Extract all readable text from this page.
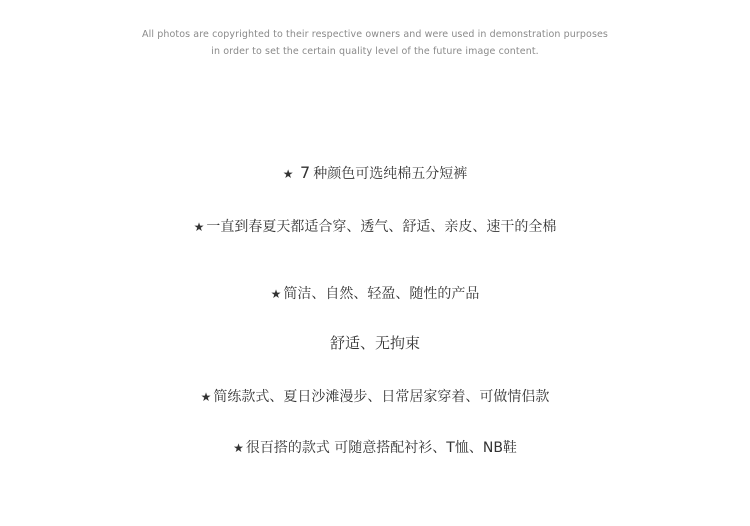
All photos are copyrighted to their respective owners and were used in demonstration purposes
in order to set the certain quality level of the future image content.
★ 7 种颜色可选纯棉五分短裤
★ 一直到春夏天都适合穿、透气、舒适、亲皮、速干的全棉
★ 简洁、自然、轻盈、随性的产品
舒适、无拘束
★ 简练款式、夏日沙滩漫步、日常居家穿着、可做情侣款
★ 很百搭的款式 可随意搭配衬衫、T恤、NB鞋
